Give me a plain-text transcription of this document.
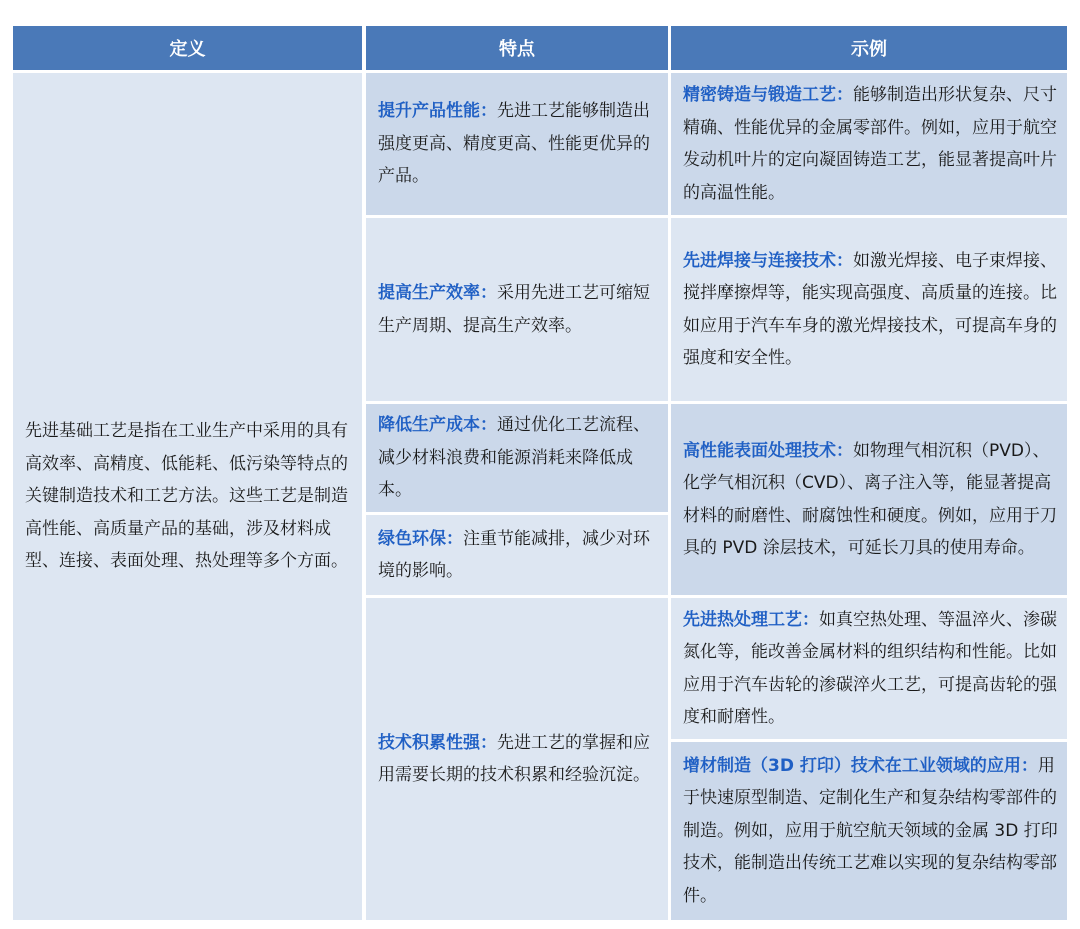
定义	特点	示例

先进基础工艺是指在工业生产中采用的具有高效率、高精度、低能耗、低污染等特点的关键制造技术和工艺方法。这些工艺是制造高性能、高质量产品的基础，涉及材料成型、连接、表面处理、热处理等多个方面。

提升产品性能：先进工艺能够制造出强度更高、精度更高、性能更优异的产品。

提高生产效率：采用先进工艺可缩短生产周期、提高生产效率。

降低生产成本：通过优化工艺流程、减少材料浪费和能源消耗来降低成本。

绿色环保：注重节能减排，减少对环境的影响。

技术积累性强：先进工艺的掌握和应用需要长期的技术积累和经验沉淀。

精密铸造与锻造工艺：能够制造出形状复杂、尺寸精确、性能优异的金属零部件。例如，应用于航空发动机叶片的定向凝固铸造工艺，能显著提高叶片的高温性能。

先进焊接与连接技术：如激光焊接、电子束焊接、搅拌摩擦焊等，能实现高强度、高质量的连接。比如应用于汽车车身的激光焊接技术，可提高车身的强度和安全性。

高性能表面处理技术：如物理气相沉积（PVD）、化学气相沉积（CVD）、离子注入等，能显著提高材料的耐磨性、耐腐蚀性和硬度。例如，应用于刀具的 PVD 涂层技术，可延长刀具的使用寿命。

先进热处理工艺：如真空热处理、等温淬火、渗碳氮化等，能改善金属材料的组织结构和性能。比如应用于汽车齿轮的渗碳淬火工艺，可提高齿轮的强度和耐磨性。

增材制造（3D 打印）技术在工业领域的应用：用于快速原型制造、定制化生产和复杂结构零部件的制造。例如，应用于航空航天领域的金属 3D 打印技术，能制造出传统工艺难以实现的复杂结构零部件。
